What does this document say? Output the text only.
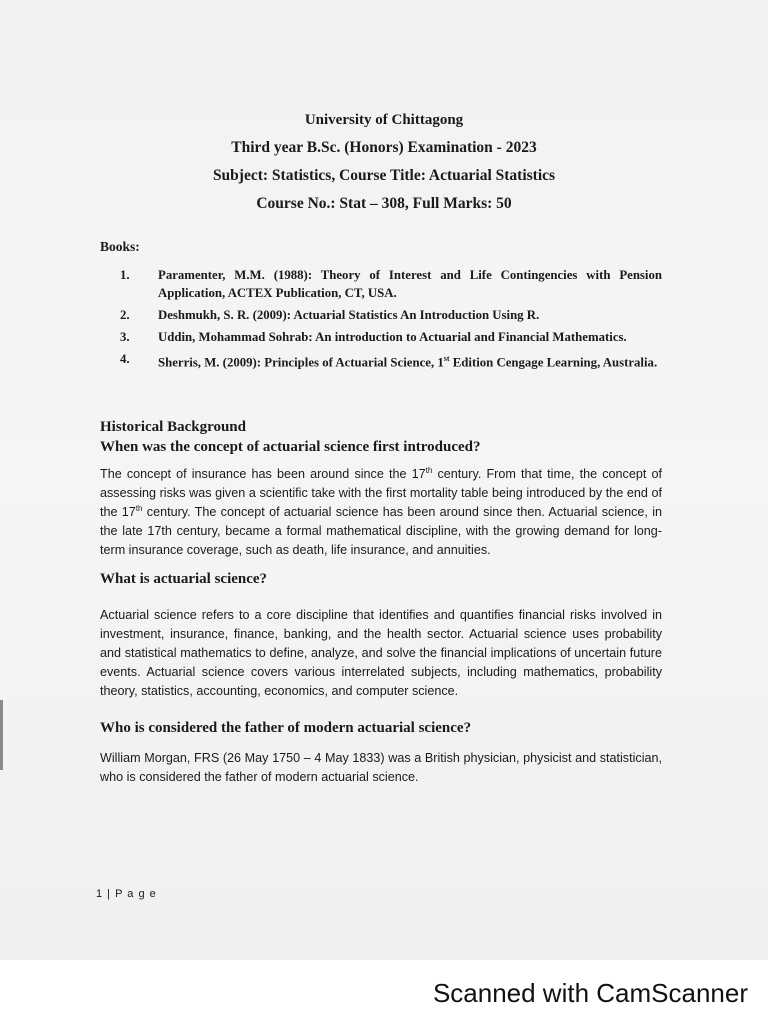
University of Chittagong
Third year B.Sc. (Honors) Examination - 2023
Subject: Statistics, Course Title: Actuarial Statistics
Course No.: Stat – 308, Full Marks: 50
Books:
1. Paramenter, M.M. (1988): Theory of Interest and Life Contingencies with Pension Application, ACTEX Publication, CT, USA.
2. Deshmukh, S. R. (2009): Actuarial Statistics An Introduction Using R.
3. Uddin, Mohammad Sohrab: An introduction to Actuarial and Financial Mathematics.
4. Sherris, M. (2009): Principles of Actuarial Science, 1st Edition Cengage Learning, Australia.
Historical Background
When was the concept of actuarial science first introduced?
The concept of insurance has been around since the 17th century. From that time, the concept of assessing risks was given a scientific take with the first mortality table being introduced by the end of the 17th century. The concept of actuarial science has been around since then. Actuarial science, in the late 17th century, became a formal mathematical discipline, with the growing demand for long-term insurance coverage, such as death, life insurance, and annuities.
What is actuarial science?
Actuarial science refers to a core discipline that identifies and quantifies financial risks involved in investment, insurance, finance, banking, and the health sector. Actuarial science uses probability and statistical mathematics to define, analyze, and solve the financial implications of uncertain future events. Actuarial science covers various interrelated subjects, including mathematics, probability theory, statistics, accounting, economics, and computer science.
Who is considered the father of modern actuarial science?
William Morgan, FRS (26 May 1750 – 4 May 1833) was a British physician, physicist and statistician, who is considered the father of modern actuarial science.
1 | P a g e
Scanned with CamScanner
